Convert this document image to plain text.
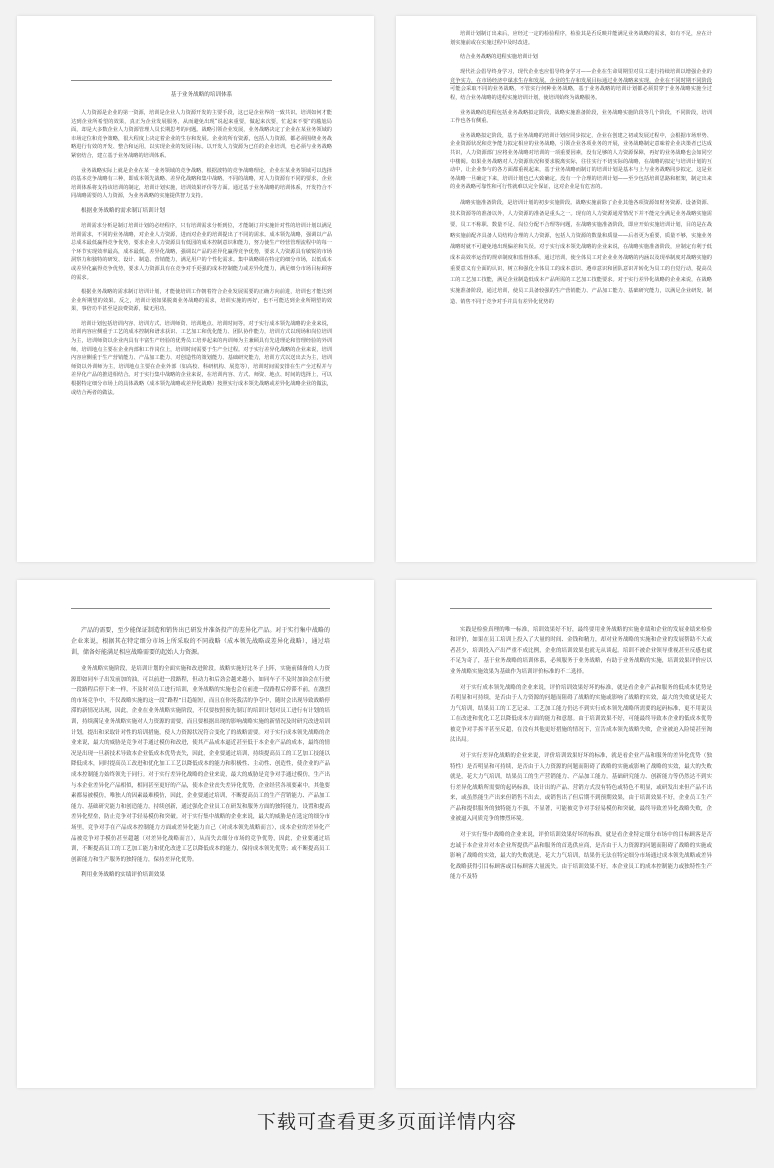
基于业务战略的培训体系

人力资源是企业的第一资源，培训是企业人力资源开发的主要手段，这已是企业界的一致共识。培训如何才能达到企业所希望的效果，真正为企业发展服务，从而避免出现“说起来重要，做起来次要，忙起来不要”的尴尬局面，却是大多数企业人力资源管理人员长期思考的问题。战略引领企业发展，业务战略决定了企业在某业务领域的市场定位和竞争策略，很大程度上决定着企业的生存和发展。企业的所有资源，包括人力资源，都必须围绕业务战略进行有效的开发、整合和运用，以实现企业的发展目标。以开发人力资源为已任的企业培训，也必须与业务战略紧密结合，建立基于业务战略的培训体系。

业务战略实际上就是企业在某一业务领域的竞争战略，根据波特的竞争战略理论，企业在某业务领域可以选择的基本竞争战略有三种，即成本领先战略、差异化战略和集中战略。不同的战略，对人力资源有不同的要求，企业培训体系将支持该培训的制定，培训计划实施，培训效果评价等方面。通过基于业务战略的培训体系，开发符合不同战略需要的人力资源，为业务战略的实施提供智力支持。

根据业务战略的需求制订培训计划

培训需求分析是制订培训计划的必经程序，只有培训需求分析到位，才能制订并实施针对性的培训计划以满足培训需求，不同的业务战略，对企业人力资源，进而对企业的培训提出了不同的需求。成本领先战略，强调以产品总成本最低赢得竞争优势，要求企业人力资源具有低园的成本控制意识和能力，努力使生产经营管理流程中的每一个环节实现效率最高，成本最低。差异化战略，强调以产品的差异化赢得竞争优势，要求人力资源具有敏锐的市场洞察力和独特的研发、设计、制造、营销能力，满足用户的个性化需求。集中战略调在特定的细分市场，以低成本或差异化赢得竞争优势，要求人力资源具有在竞争对手更强的成本控制能力或差异化能力，满足细分市场目标顾客的需求。

根据业务战略的需求制订培训计划，才能使培训工作朝着符合企业发展需要的正确方向前进，培训也才能达到企业所期望的效果。反之，培训计划如果脱离业务战略的需求，培训实施的再好，也不可能达到企业所期望的效果，事倍功半甚至是浪费资源，做无用功。

培训计划包括培训内容、培训方式、培训师资、培训地点、培训时间等。对于实行成本领先战略的企业来说，培训内容应侧重于工艺的成本控制和谱求获识、工艺加工和优化能力、团队协作能力，培训方式以现场和岗位培训为主，培训师资以企业内具有丰富生产经验的优秀员工培养起来的内训师为主兼顾具有先进理论和管理经验的外训师，培训地点主要在企业内部和工作岗位上，培训时间需要于生产全过程。对于实行差异化战略的企业来说，培训内容应侧重于生产营销能力、产品加工能力、对创造性的策划能力、基础研究能力，培训方式以送出去为主，培训师资以外训师为主，培训地点主要在企业外部（如高校、科研机构、展览等），培训时间需安排在生产全过程并与差异化产品的推进相结合。对于实行集中战略的企业来说，在培训内容、方式、师资、地点、时间的选择上，可以根据特定细分市场上的具体战略（成本领先战略或差异化战略）按照实行成本领先战略或差异化战略企业的做法，或结合两者的做法。

培训计划制订出来后，应经过一定的检验程序，检验其是否反映并能满足业务战略的需求，如有不足，应在计划实施前或在实施过程中及时改进。

结合业务战略的进程实施培训计划

现代社会倡导终身学习，现代企业也应倡导终身学习——企业在生命周期里对员工进行持续培训以增强企业的竞争实力，在市场经济中谋求生存和发展。企业的生存和发展目标通过业务战略来实现，企业在不同时期不同阶段可能会采取不同的业务战略，不管实行何种业务战略，基于业务战略的培训计划都必须贯穿于业务战略实施全过程，结合业务战略的进程实施培训计划，使培训始终为战略服务。

业务战略的进程包括业务战略拟定阶段，战略实施准备阶段，业务战略实施阶段等几个阶段，不同阶段，培训工作也各有侧重。

业务战略拟定阶段，基于业务战略的培训计划应同步拟定，企业在创建之初或发展过程中，会根据市场形势、企业资源状况和竞争能力拟定相应的业务战略，引领企业各项业务的开展，业务战略制定意味着企业决策者已达成共识，人力资源部门应将业务战略对培训的一项重要因素，没有足够的人力资源保障，再好的业务战略也会如同空中楼阁。如果业务战略对人力资源状况和要求脱离实际，往往实行不切实际的战略，在战略的拟定与培训计划的互动中，让企业参与的各方面都重视起来，基于业务战略而制订的培训计划是基本与上与业务战略同步拟定，这是业务战略一旦确定下来，培训计划也已大致确定。没有一个合理的培训计划——至少包括培训思路和框架，制定出来的业务战略可靠性和可行性就难以完全保证，这对企业是有危害的。

战略实施准备阶段，是培训计划的初步实施阶段。战略实施前除了企业其他各项资源如财务资源、设备资源、技术资源等的准备以外，人力资源的准备是重头之一。现有的人力资源通常情况下并不能完全满足业务战略实施需要，员工不称职、数量不足、岗位分配不合理等问题，在战略实施准备阶段，即应开始实施培训计划，目的是在战略实施前配齐具备人员结构合理的人力资源，包括人力资源的数量和质量——后者更为重要，质量不够，实施业务战略时就不可避免地出现偏差和失误。对于实行成本领先战略的企业来说，在战略实施准备阶段，应制定有利于低成本高效率运营的规章制度和监督体系，通过培训，使全体员工对企业业务战略的内涵以及现举制度对战略实施的重要意义有全面的认识，树立和强化全体员工的成本意识、遵章意识和团队意识并转化为员工的自觉行动，提高员工的工艺加工技能，满足企业制造低成本产品所需的工艺加工技能要求。对于实行差异化战略的企业来说，在战略实施准备阶段，通过培训，使员工具备较强的生产营销能力、产品加工能力、基础研究能力，以满足企业研发、制造、销售不同于竞争对手并具有差异化优势的

产品的需要，至少能保证制造和销售出已研发并准备投产的差异化产品。对于实行集中战略的企业来说，根据其在特定细分市场上所采取的不同战略（成本领先战略或差异化战略），通过培训，储备好能满足相应战略需要的起始人力资源。

业务战略实施阶段，是培训计划的全面实施和改进阶段。战略实施好比冬子上阵，实施前储备的人力资源即如同车子出发前加的油，可以前进一段路程，但动力和后劲会越来越小，如同车子不及时加油会在行驶一段路程后停下来一样，不及时对员工进行培训，业务战略的实施也会在前进一段路程后停滞不前，在激烈的市场竞争中，不仅战略实施的这一段“路程”日趋缩短，而且在你死我活的争夺中，随时会出现导致战略停滞的新情况出现，因此，企业在业务战略实施阶段，不仅要按照预先制订的培训计划对员工进行有计划的培训，持续满足业务战略实施对人力资源的需要，而且要根据出现的影响战略实施的新情况及时研究改进培训计划，提出和采取针对性的培训措施，使人力资源状况符合变化了的战略需要。对于实行成本领先战略的企业来说，最大的威胁是竞争对手通过模仿和改进，使其产品成本逼近甚至低于本企业产品的成本，最终的情况是出现一旦新技术导致本企业低成本优势丧失，因此，企业要通过培训，持续提高员工的工艺加工技能以降低成本，同时提高员工改进和优化加工工艺以降低成本的能力和积极性、主动性、创造性，使企业的产品成本控制能力始终领先于同行。对于实行差异化战略的企业来说，最大的威胁是竞争对手通过模仿，生产出与本企业差异化产品相似，相同甚至更好的产品，使本企业丧失差异化优势，企业经营各项要素中，其他要素都易被模仿，唯独人的因素最难模仿，因此，企业要通过培训，不断提高员工的生产营销能力、产品加工能力、基础研究能力和创造能力，持续创新，通过强化企业员工在研发和服务方面的独特能力，设置和提高差异化壁垒，防止竞争对手轻易模仿和突破。对于实行集中战略的企业来说，最大的威胁是在选定的细分市场里，竞争对手在产品成本控制能力方面或差异化能力自己（对成本领先战略而言），成本企业的差异化产品被竞争对手模仿甚至超越（对差异化战略而言），从而失去细分市场的竞争优势，因此，企业要通过培训，不断提高员工的工艺加工能力和优化改进工艺以降低成本的能力，保持成本领先优势；或不断提高员工创新能力和生产服务的独特能力，保持差异化优势。

利用业务战略的实绩评价培训效果

实践是检验真理的唯一标准，培训效果好不好，最终要用业务战略的实施业绩和企业的发展业绩来检验和评价，如果在员工培训上投入了大量的时间、金钱和精力，却对业务战略的实施和企业的发展帮助不大或者甚少，培训投入产出严重不成比例，企业的培训效果也就无从谈起。培训不被企业领导重视甚至反感也就不足为奇了，基于业务战略的培训体系，必须服务于业务战略，有助于业务战略的实施，培训效果评价应以业务战略实施效果为基础作为培训评价标准的不二选择。

对于实行成本领先战略的企业来说，评价培训效果好坏的标准，就是看企业产品和服务的低成本优势是否明显和可持续，是否由于人力资源的问题而阻碍了战略的实施或影响了战略的实效，最大的失败就是花大力气培训，结果员工的工艺记录、工艺加工能力仍达不到实行成本领先战略所需要的起码标准，更不用说员工在改进和优化工艺以降低成本方面的能力和意愿。由于培训效果不好，可能最终导致本企业的低成本优势被竞争对手拆平甚至反超，在没有其他更好措施的情况下，宣告成本领先战略失败，企业被迫入险境甚至淘汰出局。

对于实行差异化战略的企业来说，评价培训效果好坏的标准，就是看企业产品和服务的差异化优势（独特性）是否明显和可持续，是否由于人力资源的问题而阻碍了战略的实施或影响了战略的实效，最大的失败就是，花大力气培训，结果员工的生产营销能力、产品加工能力，基础研究能力、创新能力等仍然达不到实行差异化战略所需要的起码标准，设计出的产品、营销方式没有特色或特色不明显，或研发出来但产品不出来，或虽然能生产出来但销售不出去，或销售出了但后期不到预期效果，由于培训效果不好，企业员工生产产品和提供服务的独特能力不强，不显著，可能被竞争对手轻易模仿和突破，最终导致差异化战略失败，企业被逼入同质竞争的惨烈环境。

对于实行集中战略的企业来说，评价培训效果好坏的标准，就是看企业特定细分市场中的目标顾客是否忠诚于本企业并对本企业所提供产品和服务的首选供应商，是否由于人力资源的问题而阻碍了战略的实施或影响了战略的实效，最大的失败就是，花大力气培训，结果仍无法在特定细分市场通过成本领先战略或差异化战略获得引目标顾客或目标顾客大量流失。由于培训效果不好，本企业员工的成本控制能力或独特性生产能力不及特

下载可查看更多页面详情内容
